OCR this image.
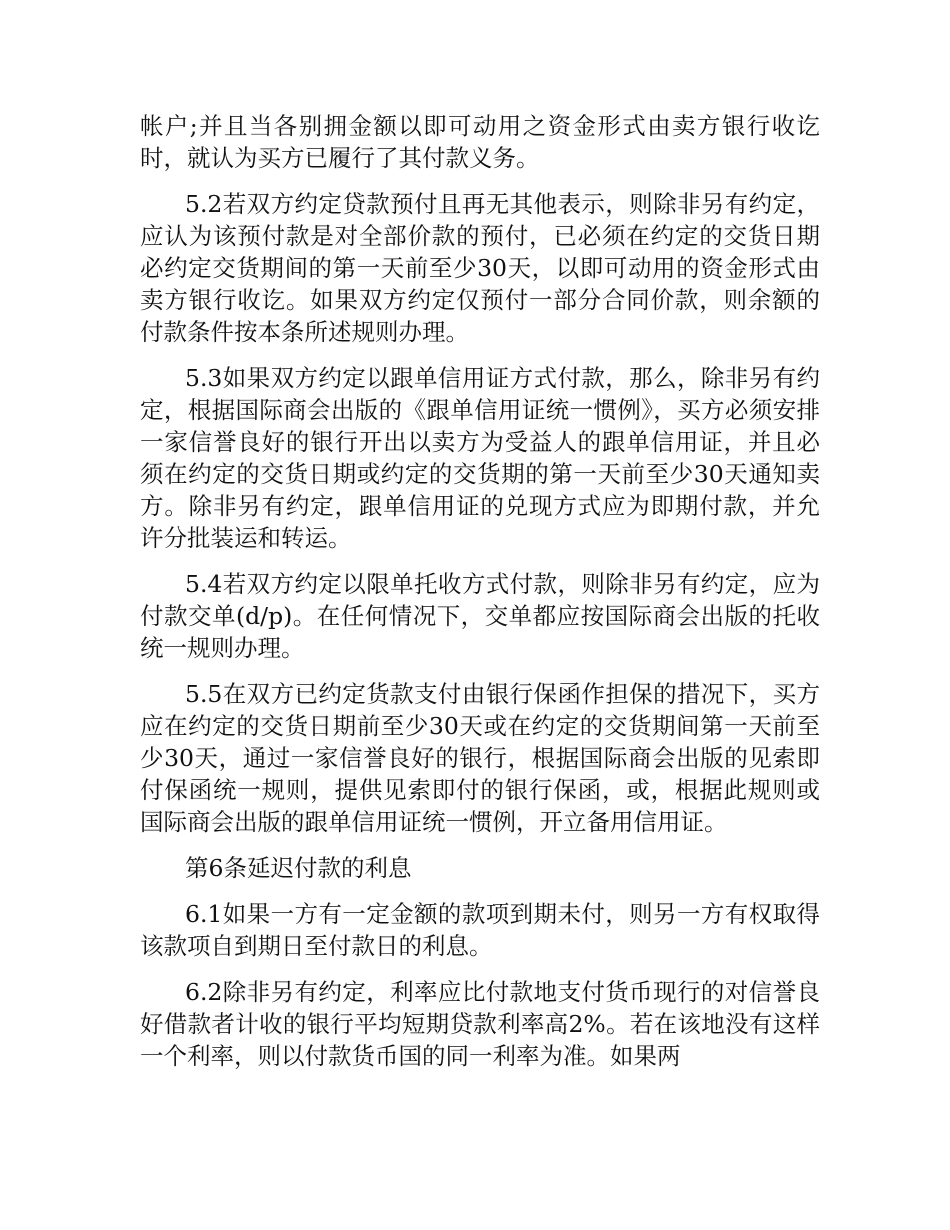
帐户;并且当各别拥金额以即可动用之资金形式由卖方银行收讫时，就认为买方已履行了其付款义务。

5.2若双方约定贷款预付且再无其他表示，则除非另有约定，应认为该预付款是对全部价款的预付，已必须在约定的交货日期必约定交货期间的第一天前至少30天，以即可动用的资金形式由卖方银行收讫。如果双方约定仅预付一部分合同价款，则余额的付款条件按本条所述规则办理。

5.3如果双方约定以跟单信用证方式付款，那么，除非另有约定，根据国际商会出版的《跟单信用证统一惯例》，买方必须安排一家信誉良好的银行开出以卖方为受益人的跟单信用证，并且必须在约定的交货日期或约定的交货期的第一天前至少30天通知卖方。除非另有约定，跟单信用证的兑现方式应为即期付款，并允许分批装运和转运。

5.4若双方约定以限单托收方式付款，则除非另有约定，应为付款交单(d/p)。在任何情况下，交单都应按国际商会出版的托收统一规则办理。

5.5在双方已约定货款支付由银行保函作担保的措况下，买方应在约定的交货日期前至少30天或在约定的交货期间第一天前至少30天，通过一家信誉良好的银行，根据国际商会出版的见索即付保函统一规则，提供见索即付的银行保函，或，根据此规则或国际商会出版的跟单信用证统一惯例，开立备用信用证。

第6条延迟付款的利息

6.1如果一方有一定金额的款项到期未付，则另一方有权取得该款项自到期日至付款日的利息。

6.2除非另有约定，利率应比付款地支付货币现行的对信誉良好借款者计收的银行平均短期贷款利率高2%。若在该地没有这样一个利率，则以付款货币国的同一利率为准。如果两
